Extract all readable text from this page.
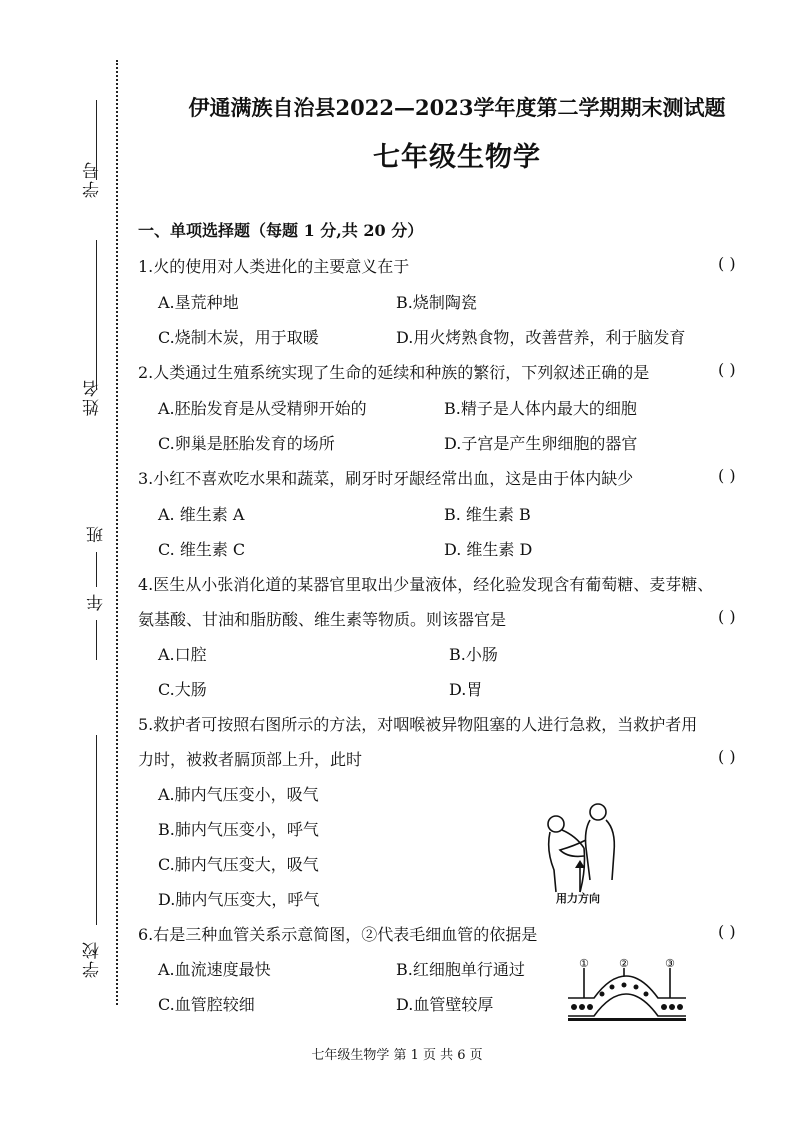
学号
姓名
班
年
学校
伊通满族自治县2022—2023学年度第二学期期末测试题
七年级生物学
一、单项选择题（每题 1 分,共 20 分）
1.火的使用对人类进化的主要意义在于	( )
A.垦荒种地	B.烧制陶瓷
C.烧制木炭，用于取暖	D.用火烤熟食物，改善营养，利于脑发育
2.人类通过生殖系统实现了生命的延续和种族的繁衍，下列叙述正确的是	( )
A.胚胎发育是从受精卵开始的	B.精子是人体内最大的细胞
C.卵巢是胚胎发育的场所	D.子宫是产生卵细胞的器官
3.小红不喜欢吃水果和蔬菜，刷牙时牙龈经常出血，这是由于体内缺少	( )
A. 维生素 A	B. 维生素 B
C. 维生素 C	D. 维生素 D
4.医生从小张消化道的某器官里取出少量液体，经化验发现含有葡萄糖、麦芽糖、
氨基酸、甘油和脂肪酸、维生素等物质。则该器官是	( )
A.口腔	B.小肠
C.大肠	D.胃
5.救护者可按照右图所示的方法，对咽喉被异物阻塞的人进行急救，当救护者用
力时，被救者膈顶部上升，此时	( )
A.肺内气压变小，吸气
B.肺内气压变小，呼气
C.肺内气压变大，吸气
D.肺内气压变大，呼气	用力方向
6.右是三种血管关系示意简图，②代表毛细血管的依据是	( )
A.血流速度最快	B.红细胞单行通过
C.血管腔较细	D.血管壁较厚
①	②	③
七年级生物学 第 1 页 共 6 页
